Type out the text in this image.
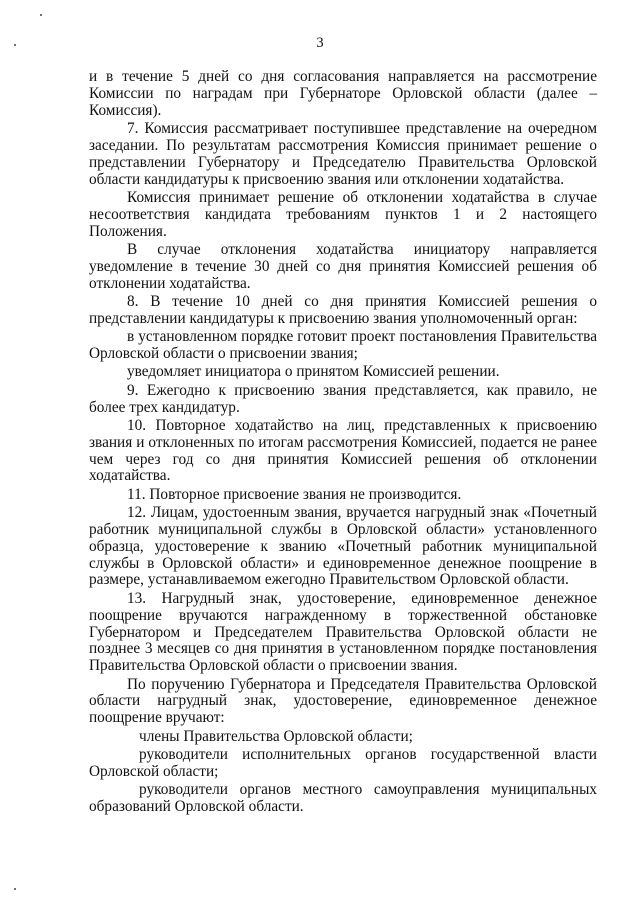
3

и в течение 5 дней со дня согласования направляется на рассмотрение Комиссии по наградам при Губернаторе Орловской области (далее – Комиссия).

7. Комиссия рассматривает поступившее представление на очередном заседании. По результатам рассмотрения Комиссия принимает решение о представлении Губернатору и Председателю Правительства Орловской области кандидатуры к присвоению звания или отклонении ходатайства.

Комиссия принимает решение об отклонении ходатайства в случае несоответствия кандидата требованиям пунктов 1 и 2 настоящего Положения.

В случае отклонения ходатайства инициатору направляется уведомление в течение 30 дней со дня принятия Комиссией решения об отклонении ходатайства.

8. В течение 10 дней со дня принятия Комиссией решения о представлении кандидатуры к присвоению звания уполномоченный орган:

в установленном порядке готовит проект постановления Правительства Орловской области о присвоении звания;

уведомляет инициатора о принятом Комиссией решении.

9. Ежегодно к присвоению звания представляется, как правило, не более трех кандидатур.

10. Повторное ходатайство на лиц, представленных к присвоению звания и отклоненных по итогам рассмотрения Комиссией, подается не ранее чем через год со дня принятия Комиссией решения об отклонении ходатайства.

11. Повторное присвоение звания не производится.

12. Лицам, удостоенным звания, вручается нагрудный знак «Почетный работник муниципальной службы в Орловской области» установленного образца, удостоверение к званию «Почетный работник муниципальной службы в Орловской области» и единовременное денежное поощрение в размере, устанавливаемом ежегодно Правительством Орловской области.

13. Нагрудный знак, удостоверение, единовременное денежное поощрение вручаются награжденному в торжественной обстановке Губернатором и Председателем Правительства Орловской области не позднее 3 месяцев со дня принятия в установленном порядке постановления Правительства Орловской области о присвоении звания.

По поручению Губернатора и Председателя Правительства Орловской области нагрудный знак, удостоверение, единовременное денежное поощрение вручают:

члены Правительства Орловской области;

руководители исполнительных органов государственной власти Орловской области;

руководители органов местного самоуправления муниципальных образований Орловской области.
